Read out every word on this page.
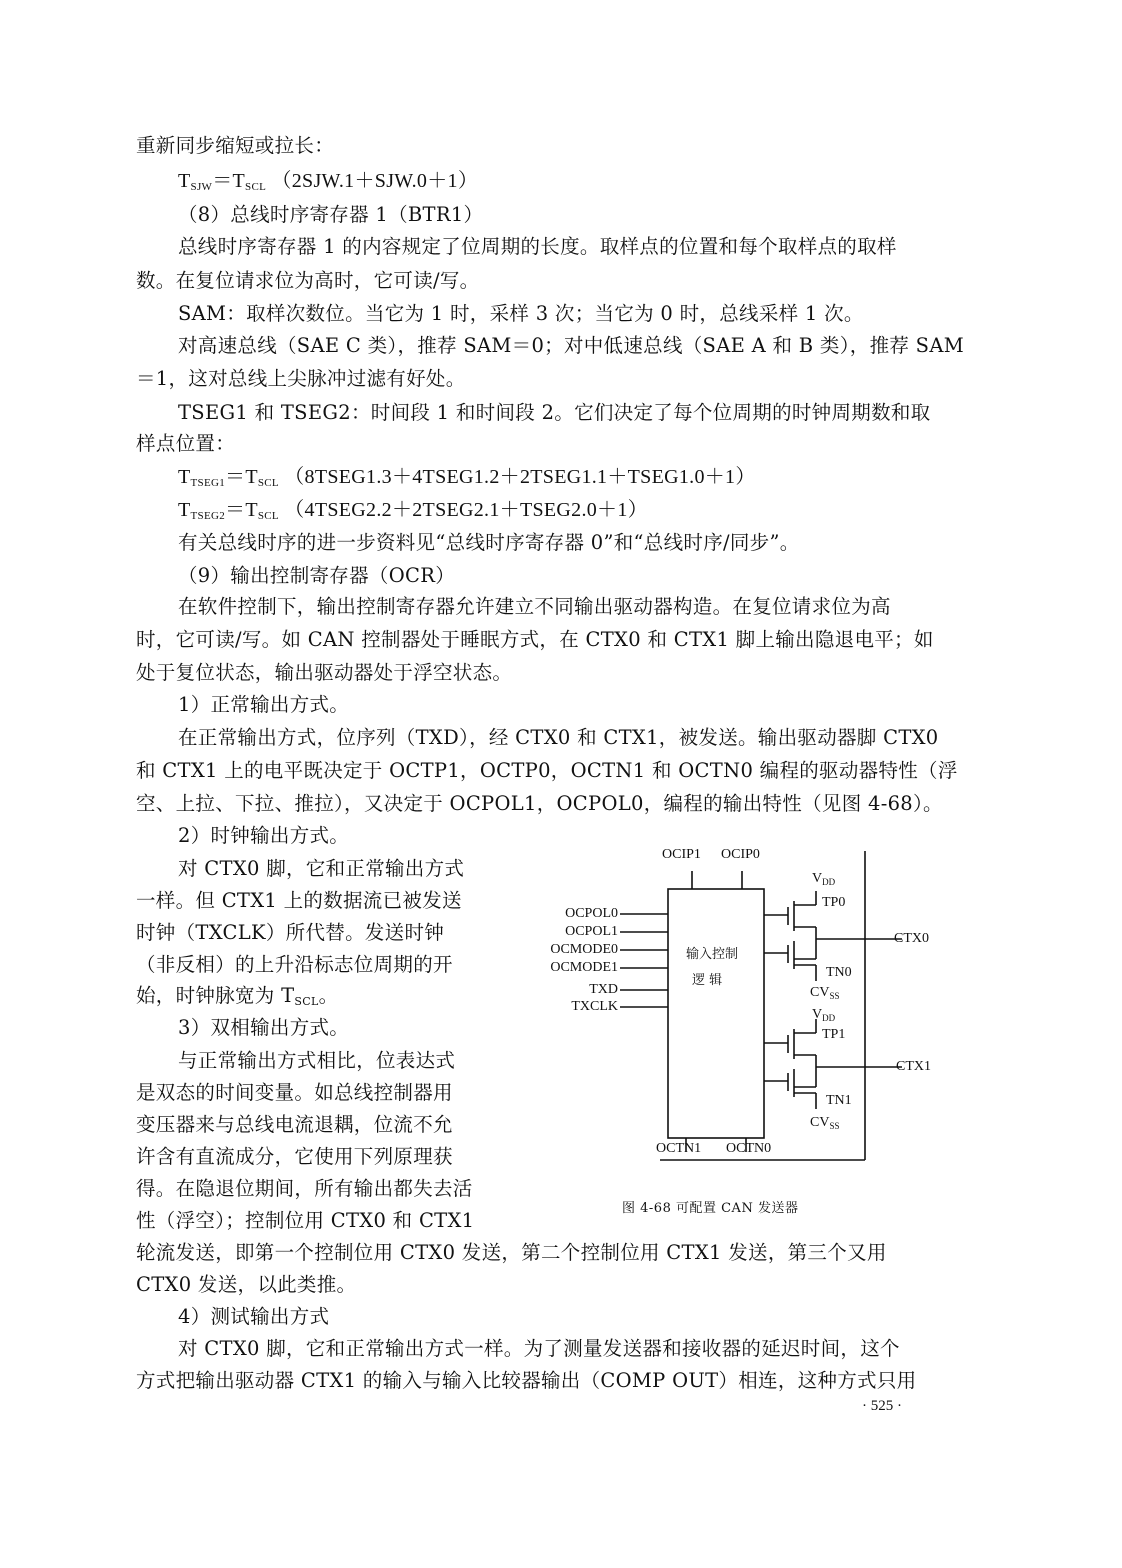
重新同步缩短或拉长：
$T_{SJW}=T_{SCL}$ （2SJW.1＋SJW.0＋1）
（8）总线时序寄存器 1（BTR1）
总线时序寄存器 1 的内容规定了位周期的长度。取样点的位置和每个取样点的取样
数。在复位请求位为高时，它可读/写。
SAM：取样次数位。当它为 1 时，采样 3 次；当它为 0 时，总线采样 1 次。
对高速总线（SAE C 类），推荐 SAM＝0；对中低速总线（SAE A 和 B 类），推荐 SAM
＝1，这对总线上尖脉冲过滤有好处。
TSEG1 和 TSEG2：时间段 1 和时间段 2。它们决定了每个位周期的时钟周期数和取
样点位置：
$T_{TSEG1}=T_{SCL}$ （8TSEG1.3＋4TSEG1.2＋2TSEG1.1＋TSEG1.0＋1）
$T_{TSEG2}=T_{SCL}$ （4TSEG2.2＋2TSEG2.1＋TSEG2.0＋1）
有关总线时序的进一步资料见“总线时序寄存器 0”和“总线时序/同步”。
（9）输出控制寄存器（OCR）
在软件控制下，输出控制寄存器允许建立不同输出驱动器构造。在复位请求位为高
时，它可读/写。如 CAN 控制器处于睡眠方式，在 CTX0 和 CTX1 脚上输出隐退电平；如
处于复位状态，输出驱动器处于浮空状态。
1）正常输出方式。
在正常输出方式，位序列（TXD），经 CTX0 和 CTX1，被发送。输出驱动器脚 CTX0
和 CTX1 上的电平既决定于 OCTP1，OCTP0，OCTN1 和 OCTN0 编程的驱动器特性（浮
空、上拉、下拉、推拉），又决定于 OCPOL1，OCPOL0，编程的输出特性（见图 4-68）。
2）时钟输出方式。
对 CTX0 脚，它和正常输出方式
一样。但 CTX1 上的数据流已被发送
时钟（TXCLK）所代替。发送时钟
（非反相）的上升沿标志位周期的开
始，时钟脉宽为 $T_{SCL}$。
3）双相输出方式。
与正常输出方式相比，位表达式
是双态的时间变量。如总线控制器用
变压器来与总线电流退耦，位流不允
许含有直流成分，它使用下列原理获
得。在隐退位期间，所有输出都失去活
性（浮空）；控制位用 CTX0 和 CTX1
轮流发送，即第一个控制位用 CTX0 发送，第二个控制位用 CTX1 发送，第三个又用
CTX0 发送，以此类推。
4）测试输出方式
对 CTX0 脚，它和正常输出方式一样。为了测量发送器和接收器的延迟时间，这个
方式把输出驱动器 CTX1 的输入与输入比较器输出（COMP OUT）相连，这种方式只用
· 525 ·
OCIP1 OCIP0
OCPOL0
OCPOL1
OCMODE0
OCMODE1
TXD
TXCLK
输入控制
逻 辑
$V_{DD}$
TP0
CTX0
TN0
$CV_{SS}$
$V_{DD}$
TP1
CTX1
TN1
$CV_{SS}$
OCTN1 OCTN0
图 4-68 可配置 CAN 发送器
